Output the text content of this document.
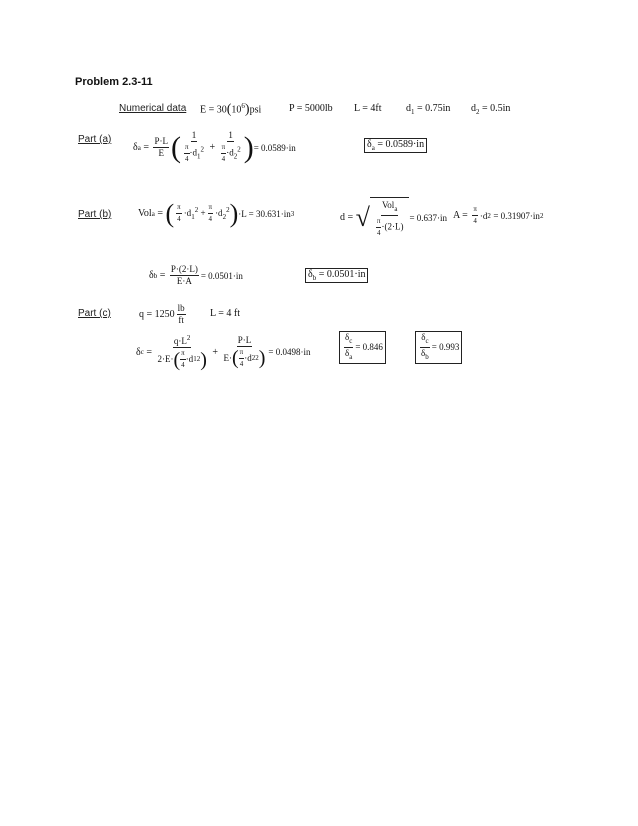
Problem 2.3-11
Numerical data $E = 30(10^6)psi$	P = 5000lb L = 4ft $d_1 = 0.75in$ $d_2 = 0.5in$
Part (a)
δ $a = \frac{P\cdot L}{E}$ ( $\frac{1}{\frac{\pi}{4} \cdot d_1^2} + \frac{1}{\frac{\pi}{4} \cdot d_2^2}$ ) = 0.0589·in	$\delta_a = 0.0589\cdot in$
Part (b)	Vol a = ( $\frac{\pi}{4} \cdot d_1^2 + \frac{\pi}{4} \cdot d_2^2$ ) ·L = 30.631·in 3	d =
√ $\frac{Vol_a}{\frac{\pi}{4} \cdot(2\cdot L)} = 0.637\cdot in$ A =
$\frac{\pi}{4} \cdot d$ 2
= 0.31907·in 2
δ $b = \frac{P\cdot(2\cdot L)}{E\cdot A} = 0.0501\cdot in$	$\delta_b = 0.0501\cdot in$
Part (c)	$q = 1250 \frac{lb}{ft}$ L = 4 ft
δ $c = \frac{q\cdot L^2}{2\cdot E\cdot ( \frac{\pi}{4} \cdot d 1 2 )} + \frac{P\cdot L}{E\cdot ( \frac{\pi}{4} \cdot d 2 2 )} = 0.0498\cdot in$	$\frac{\delta_c}{\delta_a} = 0.846$	$\frac{\delta_c}{\delta_b} = 0.993$
